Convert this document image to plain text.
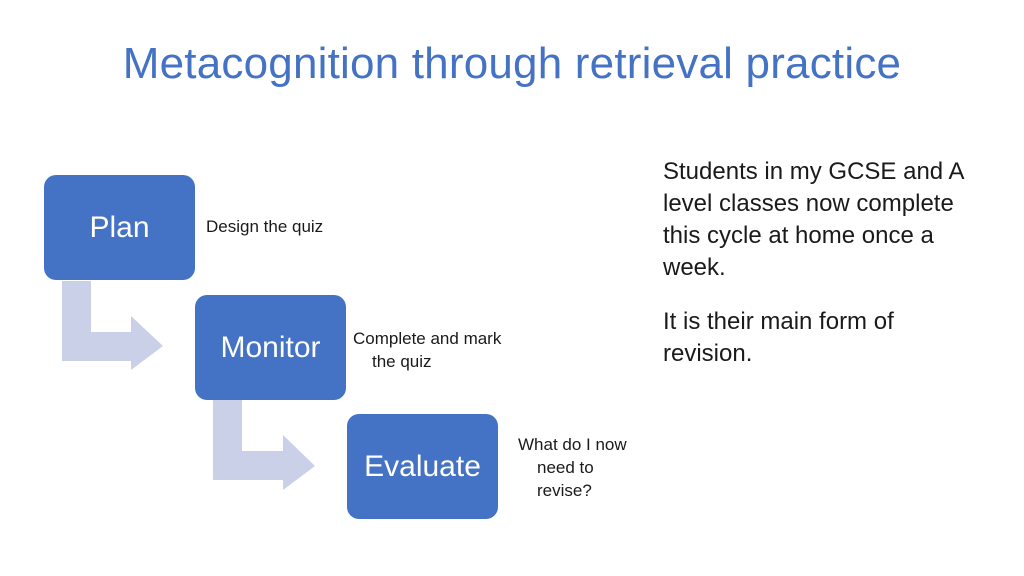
Metacognition through retrieval practice
Plan	Design the quiz
Monitor Complete and mark
the quiz
Evaluate
What do I now
need to
revise?
Students in my GCSE and A
level classes now complete
this cycle at home once a
week.
It is their main form of
revision.
